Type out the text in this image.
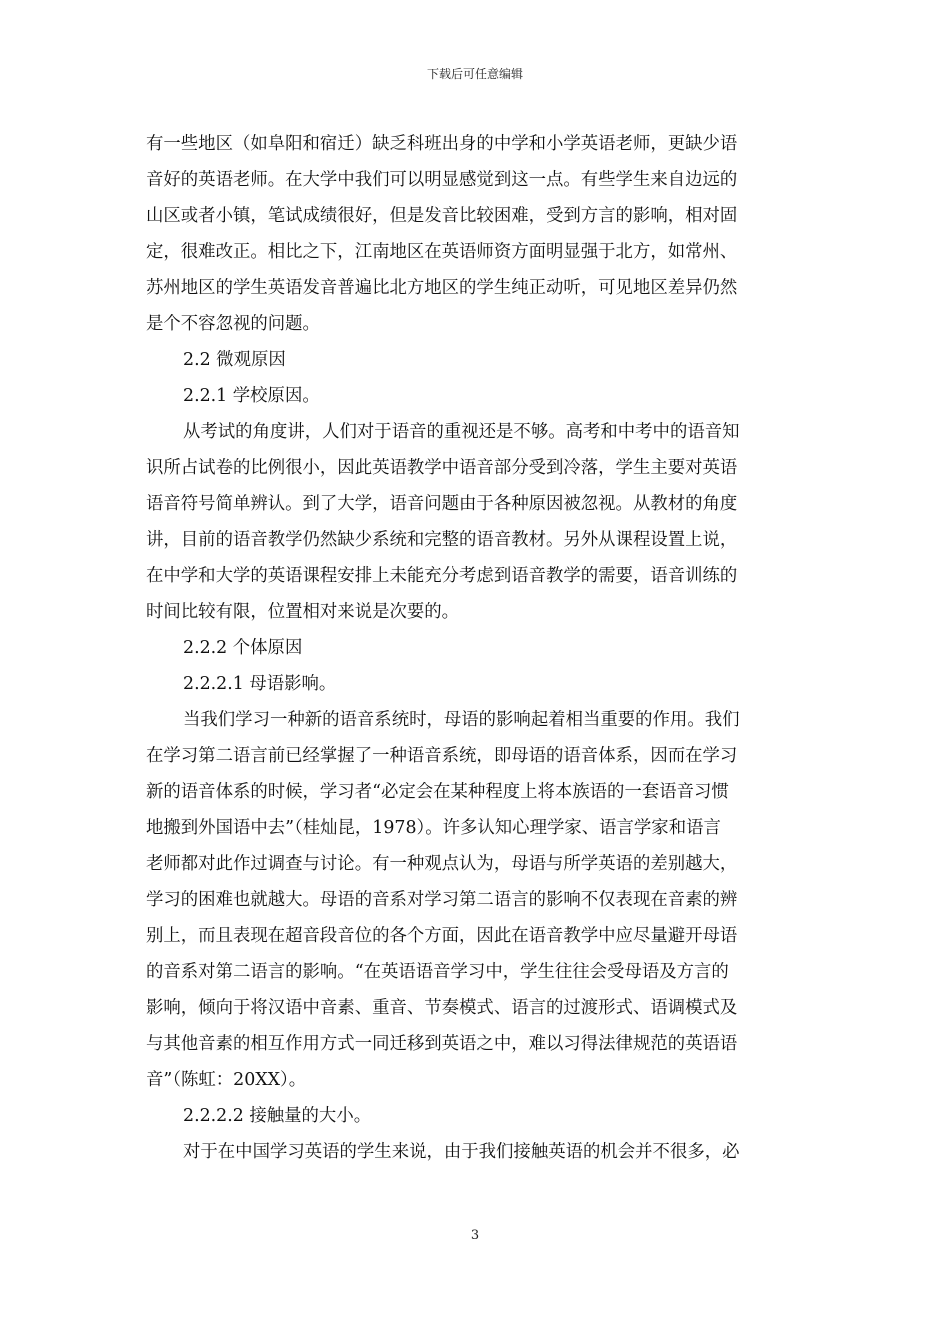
下载后可任意编辑
有一些地区（如阜阳和宿迁）缺乏科班出身的中学和小学英语老师，更缺少语
音好的英语老师。在大学中我们可以明显感觉到这一点。有些学生来自边远的
山区或者小镇，笔试成绩很好，但是发音比较困难，受到方言的影响，相对固
定，很难改正。相比之下，江南地区在英语师资方面明显强于北方，如常州、
苏州地区的学生英语发音普遍比北方地区的学生纯正动听，可见地区差异仍然
是个不容忽视的问题。
2.2 微观原因
2.2.1 学校原因。
从考试的角度讲，人们对于语音的重视还是不够。高考和中考中的语音知
识所占试卷的比例很小，因此英语教学中语音部分受到冷落，学生主要对英语
语音符号简单辨认。到了大学，语音问题由于各种原因被忽视。从教材的角度
讲，目前的语音教学仍然缺少系统和完整的语音教材。另外从课程设置上说，
在中学和大学的英语课程安排上未能充分考虑到语音教学的需要，语音训练的
时间比较有限，位置相对来说是次要的。
2.2.2 个体原因
2.2.2.1 母语影响。
当我们学习一种新的语音系统时，母语的影响起着相当重要的作用。我们
在学习第二语言前已经掌握了一种语音系统，即母语的语音体系，因而在学习
新的语音体系的时候，学习者“必定会在某种程度上将本族语的一套语音习惯
地搬到外国语中去”（桂灿昆，1978）。许多认知心理学家、语言学家和语言
老师都对此作过调查与讨论。有一种观点认为，母语与所学英语的差别越大，
学习的困难也就越大。母语的音系对学习第二语言的影响不仅表现在音素的辨
别上，而且表现在超音段音位的各个方面，因此在语音教学中应尽量避开母语
的音系对第二语言的影响。“在英语语音学习中，学生往往会受母语及方言的
影响，倾向于将汉语中音素、重音、节奏模式、语言的过渡形式、语调模式及
与其他音素的相互作用方式一同迁移到英语之中，难以习得法律规范的英语语
音”（陈虹：20XX）。
2.2.2.2 接触量的大小。
对于在中国学习英语的学生来说，由于我们接触英语的机会并不很多，必
3
